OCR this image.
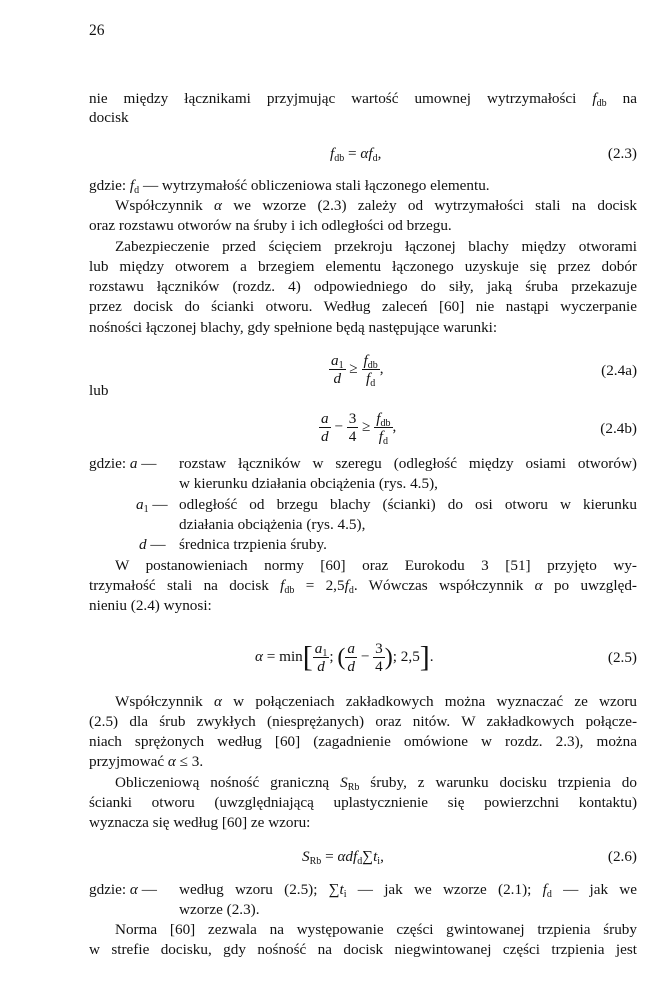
26
nie między łącznikami przyjmując wartość umownej wytrzymałości $f_{db}$ na
docisk
$f_{db} = \alpha f_d$,	(2.3)
gdzie: $f_d$ — wytrzymałość obliczeniowa stali łączonego elementu.
Współczynnik α we wzorze (2.3) zależy od wytrzymałości stali na docisk
oraz rozstawu otworów na śruby i ich odległości od brzegu.
Zabezpieczenie przed ścięciem przekroju łączonej blachy między otworami
lub między otworem a brzegiem elementu łączonego uzyskuje się przez dobór
rozstawu łączników (rozdz. 4) odpowiedniego do siły, jaką śruba przekazuje
przez docisk do ścianki otworu. Według zaleceń [60] nie nastąpi wyczerpanie
nośności łączonej blachy, gdy spełnione będą następujące warunki:
$\frac{a_1}{d} \ge \frac{f_{db}}{f_d}$ ,	(2.4a)
lub
$\frac{a}{d} - \frac{3}{4} \ge \frac{f_{db}}{f_d}$ ,	(2.4b)
gdzie: a —	rozstaw łączników w szeregu (odległość między osiami otworów)
w kierunku działania obciążenia (rys. 4.5),
$a_1$ — odległość od brzegu blachy (ścianki) do osi otworu w kierunku
działania obciążenia (rys. 4.5),
d — średnica trzpienia śruby.
W postanowieniach normy [60] oraz Eurokodu 3 [51] przyjęto wy-
trzymałość stali na docisk $f_{db} = 2,5f_d$. Wówczas współczynnik α po uwzględ-
nieniu (2.4) wynosi:
$\alpha = \min[ \frac{a_1}{d}$ ; ( $\frac{a}{d} - \frac{3}{4}$ ); 2,5].	(2.5)
Współczynnik α w połączeniach zakładkowych można wyznaczać ze wzoru
(2.5) dla śrub zwykłych (niesprężanych) oraz nitów. W zakładkowych połącze-
niach sprężonych według [60] (zagadnienie omówione w rozdz. 2.3), można
przyjmować α ≤ 3.
Obliczeniową nośność graniczną $S_{Rb}$ śruby, z warunku docisku trzpienia do
ścianki otworu (uwzględniającą uplastycznienie się powierzchni kontaktu)
wyznacza się według [60] ze wzoru:
$S_{Rb} = \alpha df_d\sum t_i$,	(2.6)
gdzie: α —	według wzoru (2.5); $\sum t_i$ — jak we wzorze (2.1); $f_d$ — jak we
wzorze (2.3).
Norma [60] zezwala na występowanie części gwintowanej trzpienia śruby
w strefie docisku, gdy nośność na docisk niegwintowanej części trzpienia jest
